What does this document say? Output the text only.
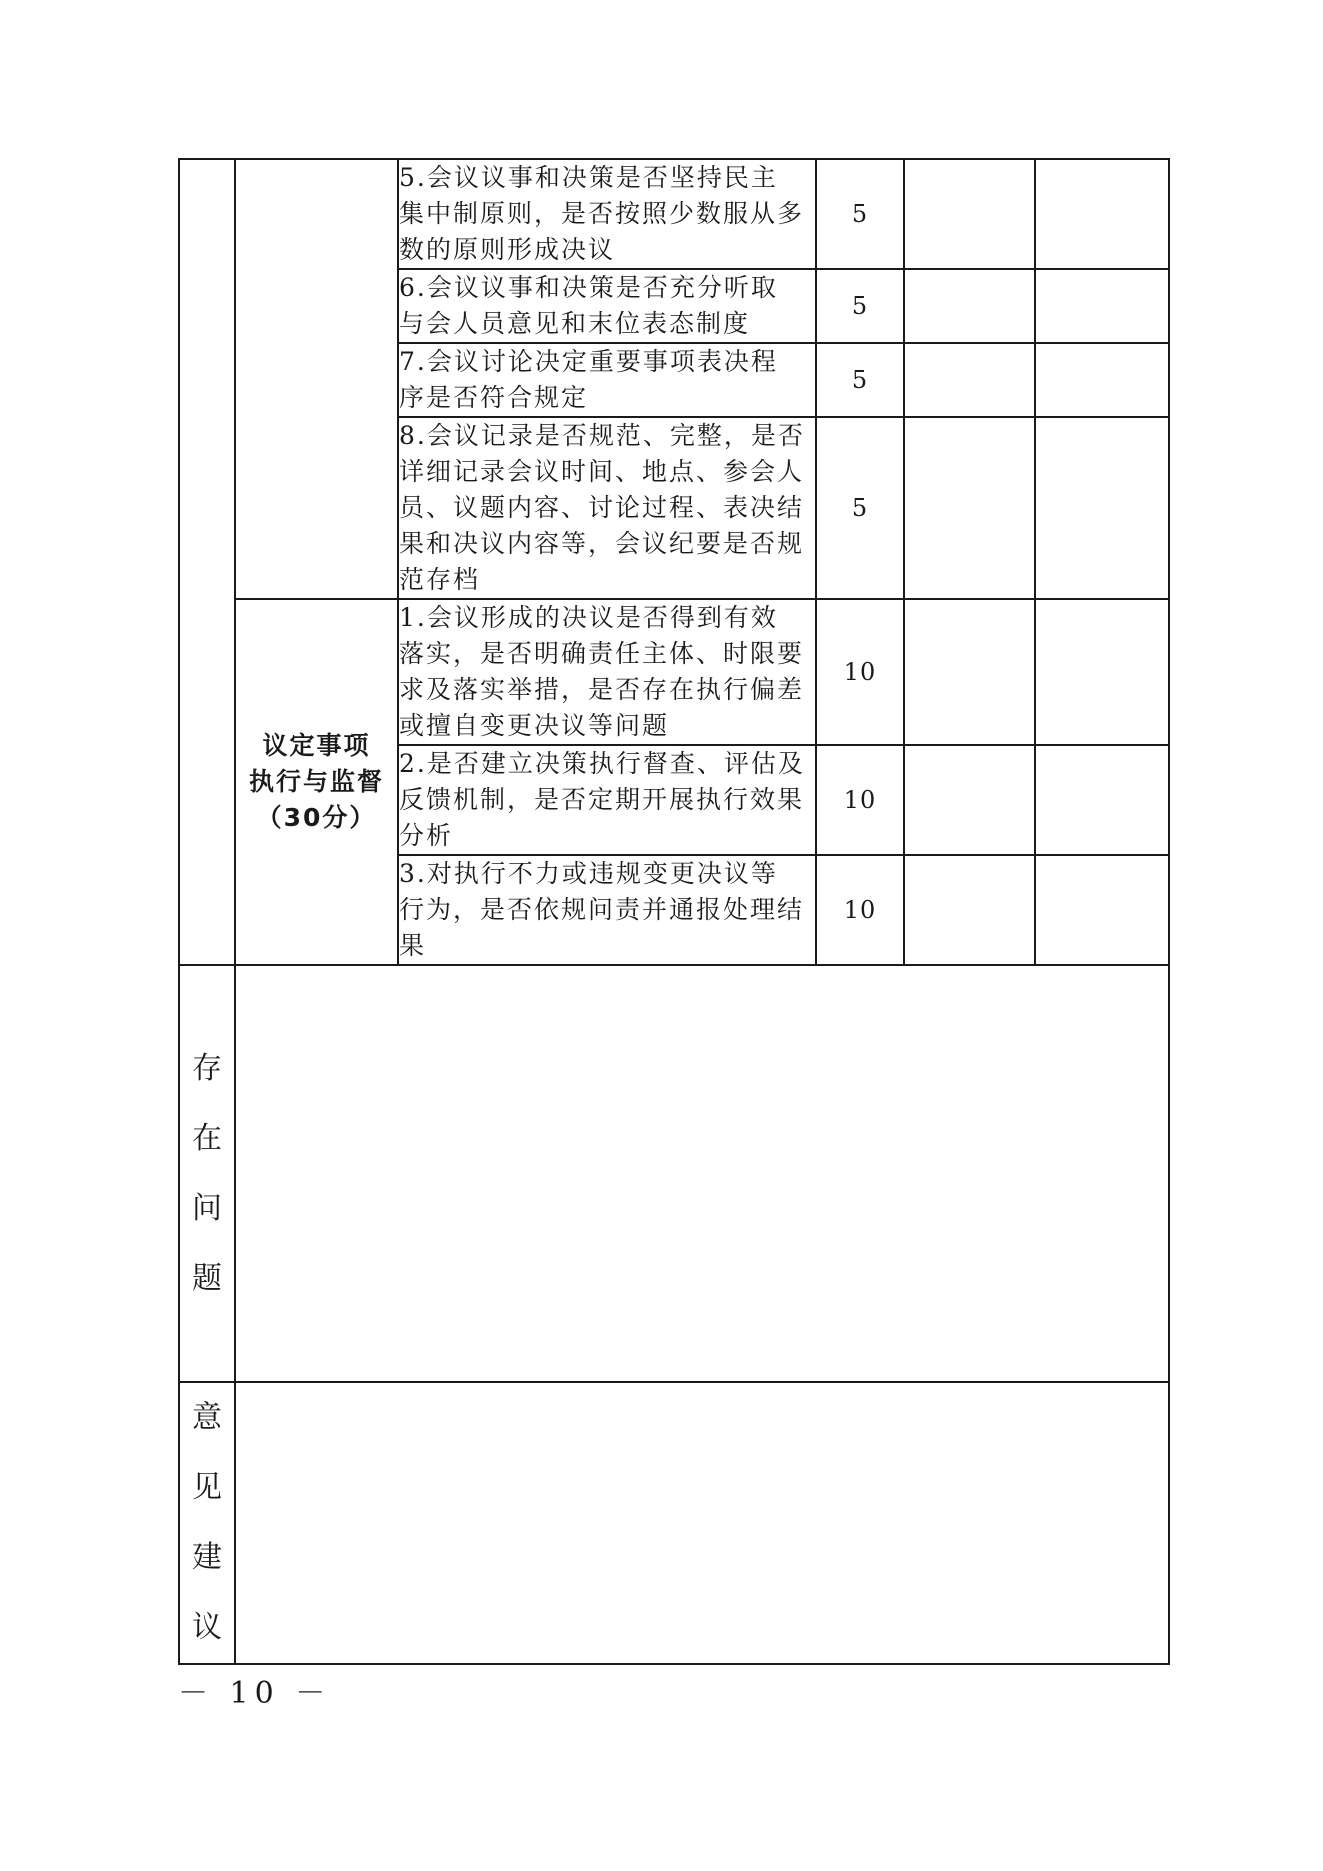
		5.会议议事和决策是否坚持民主
集中制原则，是否按照少数服从多
数的原则形成决议	5		
		6.会议议事和决策是否充分听取
与会人员意见和末位表态制度	5		
		7.会议讨论决定重要事项表决程
序是否符合规定	5		
		8.会议记录是否规范、完整，是否
详细记录会议时间、地点、参会人
员、议题内容、讨论过程、表决结
果和决议内容等，会议纪要是否规
范存档	5		
	议定事项
执行与监督
（30分）	1.会议形成的决议是否得到有效
落实，是否明确责任主体、时限要
求及落实举措，是否存在执行偏差
或擅自变更决议等问题	10		
		2.是否建立决策执行督查、评估及
反馈机制，是否定期开展执行效果
分析	10		
		3.对执行不力或违规变更决议等
行为，是否依规问责并通报处理结
果	10		
存
在
问
题					
意
见
建
议					
－ 10 －
